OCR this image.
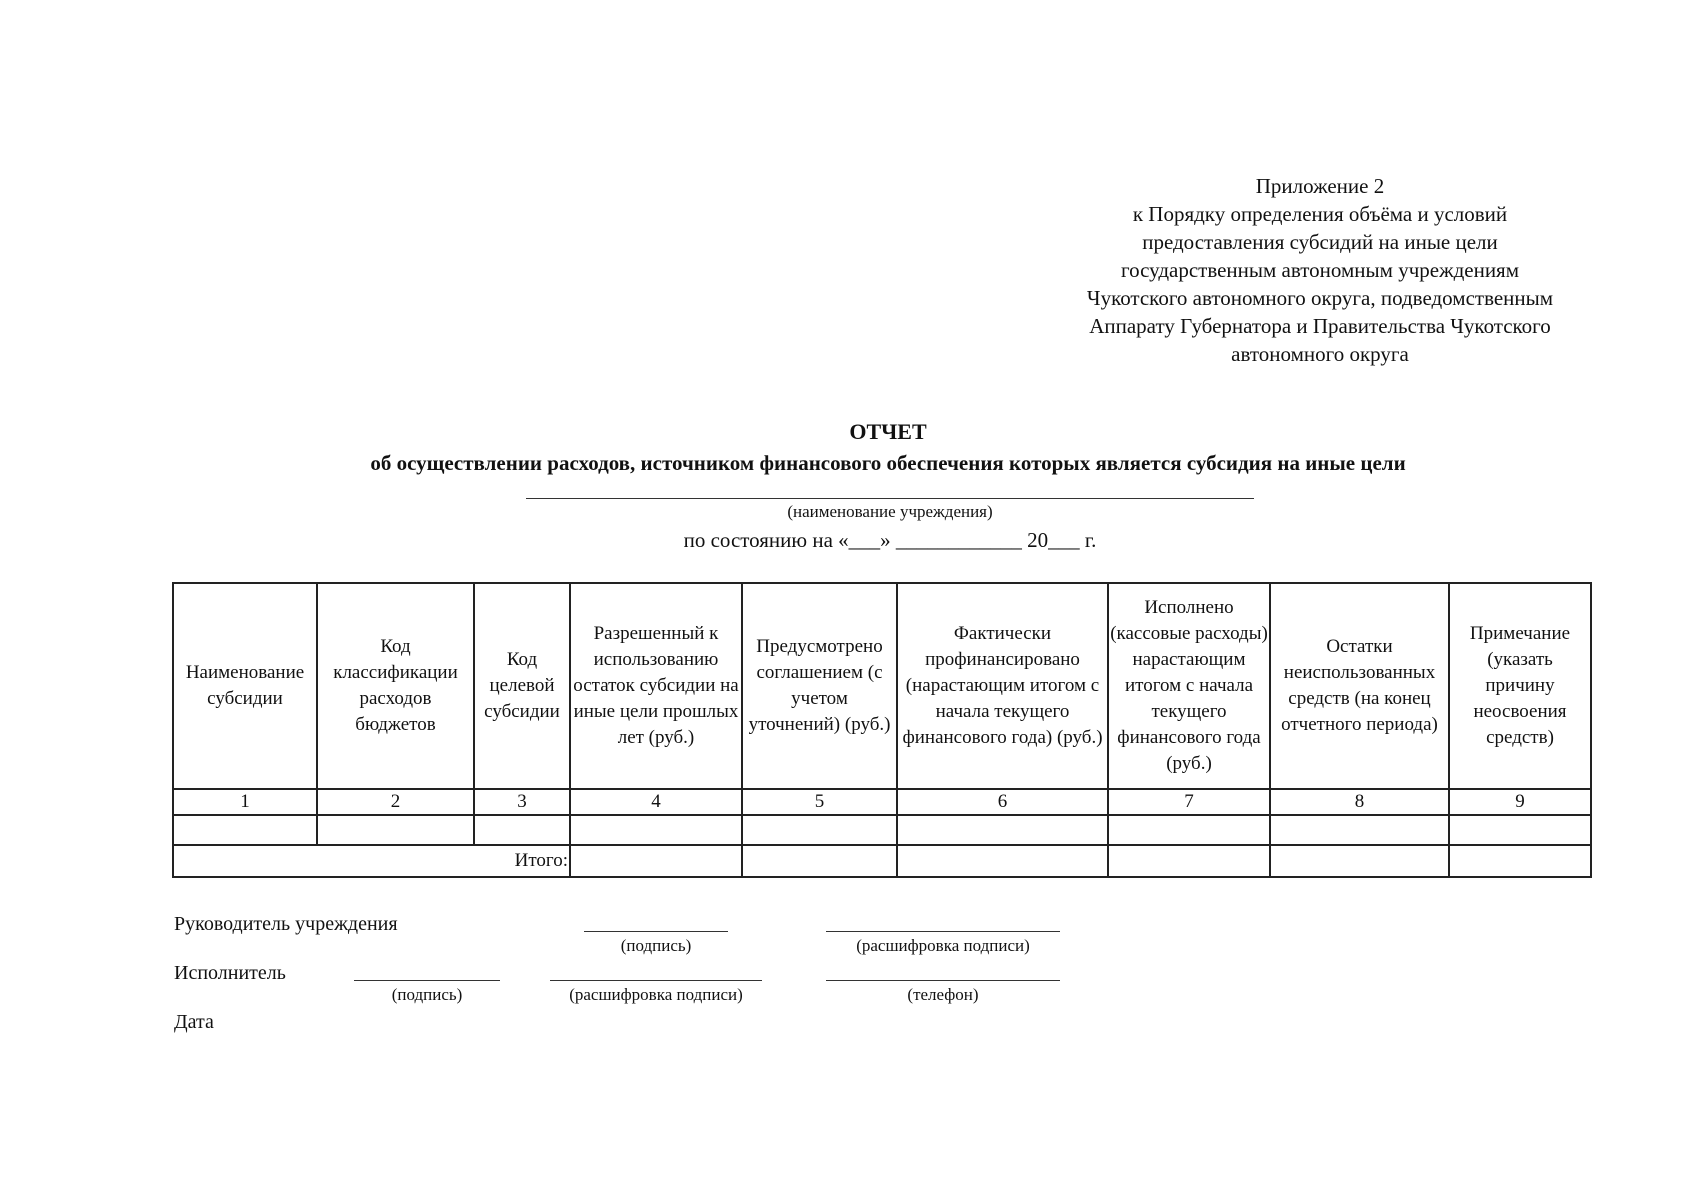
Приложение 2
к Порядку определения объёма и условий
предоставления субсидий на иные цели
государственным автономным учреждениям
Чукотского автономного округа, подведомственным
Аппарату Губернатора и Правительства Чукотского
автономного округа
ОТЧЕТ
об осуществлении расходов, источником финансового обеспечения которых является субсидия на иные цели
(наименование учреждения)
по состоянию на «___» ____________ 20___ г.
Наименование субсидии	Код классификации расходов бюджетов	Код целевой субсидии	Разрешенный к использованию остаток субсидии на иные цели прошлых лет (руб.)	Предусмотрено соглашением (с учетом уточнений) (руб.)	Фактически профинансировано (нарастающим итогом с начала текущего финансового года) (руб.)	Исполнено (кассовые расходы) нарастающим итогом с начала текущего финансового года (руб.)	Остатки неиспользованных средств (на конец отчетного периода)	Примечание (указать причину неосвоения средств)
1	2	3	4	5	6	7	8	9

Итого:								
Руководитель учреждения
(подпись)	(расшифровка подписи)
Исполнитель
(подпись)	(расшифровка подписи)	(телефон)
Дата
